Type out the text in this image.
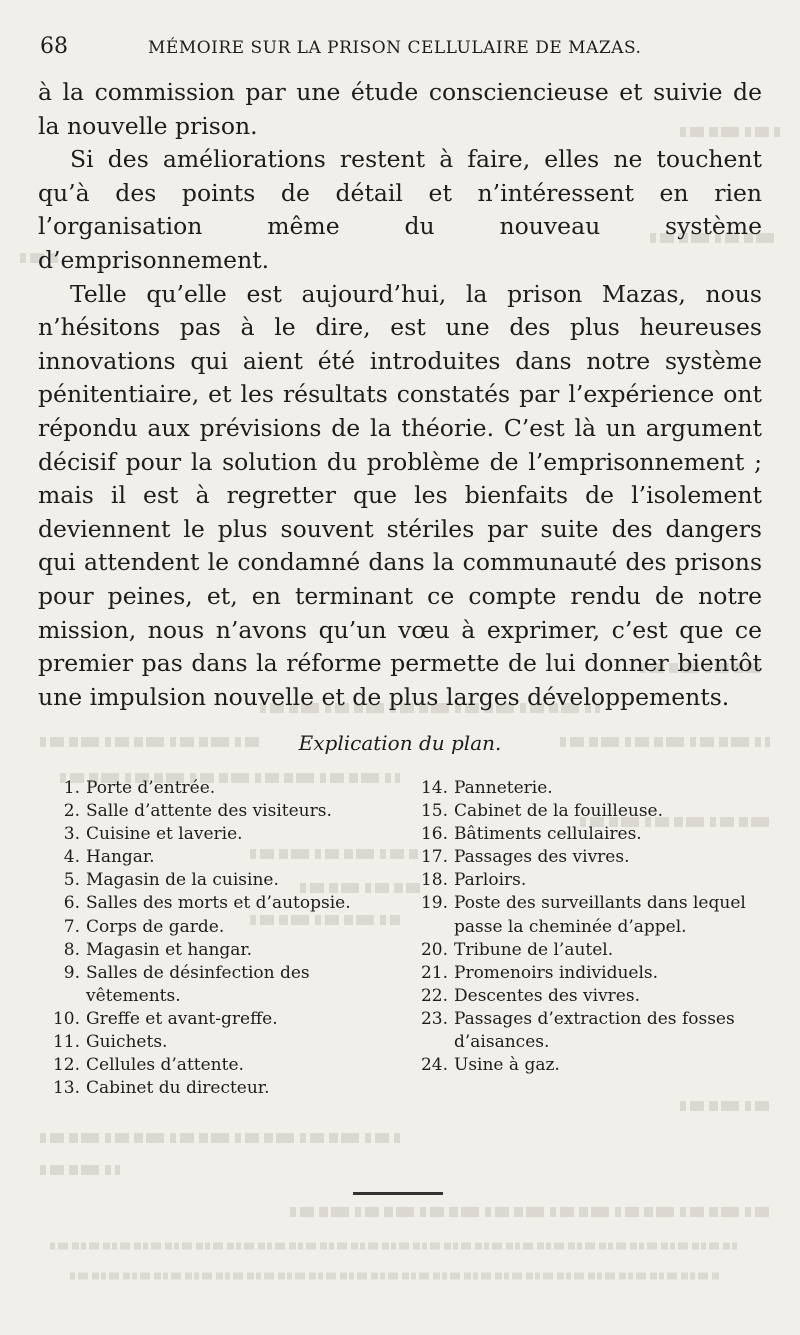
68	MÉMOIRE SUR LA PRISON CELLULAIRE DE MAZAS.

à la commission par une étude consciencieuse et suivie de la nouvelle prison.

Si des améliorations restent à faire, elles ne touchent qu’à des points de détail et n’intéressent en rien l’organisation même du nouveau système d’emprisonnement.

Telle qu’elle est aujourd’hui, la prison Mazas, nous n’hésitons pas à le dire, est une des plus heureuses innovations qui aient été introduites dans notre système pénitentiaire, et les résultats constatés par l’expérience ont répondu aux prévisions de la théorie. C’est là un argument décisif pour la solution du problème de l’emprisonnement ; mais il est à regretter que les bienfaits de l’isolement deviennent le plus souvent stériles par suite des dangers qui attendent le condamné dans la communauté des prisons pour peines, et, en terminant ce compte rendu de notre mission, nous n’avons qu’un vœu à exprimer, c’est que ce premier pas dans la réforme permette de lui donner bientôt une impulsion nouvelle et de plus larges développements.

Explication du plan.
1. Porte d’entrée.
2. Salle d’attente des visiteurs.
3. Cuisine et laverie.
4. Hangar.
5. Magasin de la cuisine.
6. Salles des morts et d’autopsie.
7. Corps de garde.
8. Magasin et hangar.
9. Salles de désinfection des vêtements.
10. Greffe et avant-greffe.
11. Guichets.
12. Cellules d’attente.
13. Cabinet du directeur.
14. Panneterie.
15. Cabinet de la fouilleuse.
16. Bâtiments cellulaires.
17. Passages des vivres.
18. Parloirs.
19. Poste des surveillants dans lequel passe la cheminée d’appel.
20. Tribune de l’autel.
21. Promenoirs individuels.
22. Descentes des vivres.
23. Passages d’extraction des fosses d’aisances.
24. Usine à gaz.
